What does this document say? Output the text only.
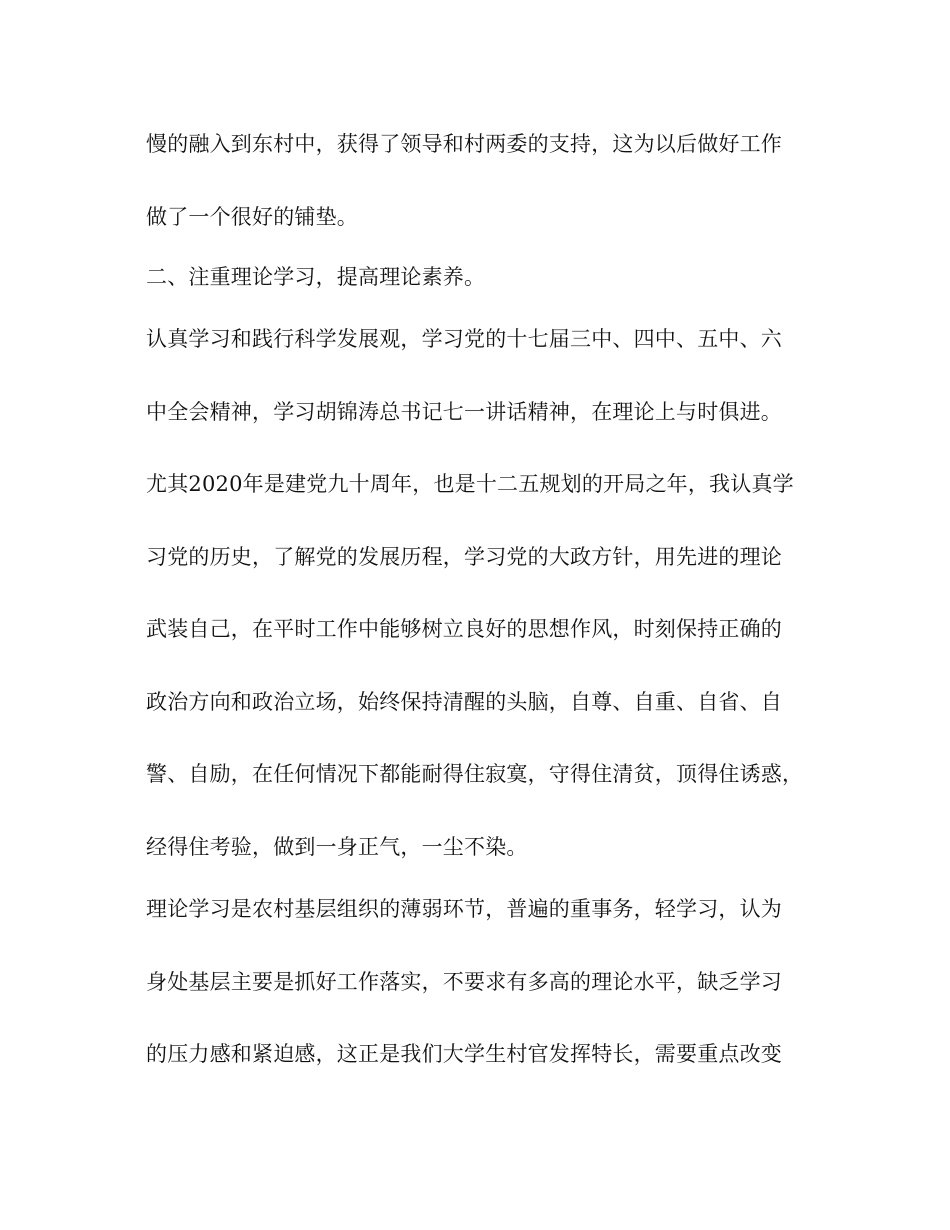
慢的融入到东村中，获得了领导和村两委的支持，这为以后做好工作
做了一个很好的铺垫。
二、注重理论学习，提高理论素养。
认真学习和践行科学发展观，学习党的十七届三中、四中、五中、六
中全会精神，学习胡锦涛总书记七一讲话精神，在理论上与时俱进。
尤其2020年是建党九十周年，也是十二五规划的开局之年，我认真学
习党的历史，了解党的发展历程，学习党的大政方针，用先进的理论
武装自己，在平时工作中能够树立良好的思想作风，时刻保持正确的
政治方向和政治立场，始终保持清醒的头脑，自尊、自重、自省、自
警、自励，在任何情况下都能耐得住寂寞，守得住清贫，顶得住诱惑，
经得住考验，做到一身正气，一尘不染。
理论学习是农村基层组织的薄弱环节，普遍的重事务，轻学习，认为
身处基层主要是抓好工作落实，不要求有多高的理论水平，缺乏学习
的压力感和紧迫感，这正是我们大学生村官发挥特长，需要重点改变
